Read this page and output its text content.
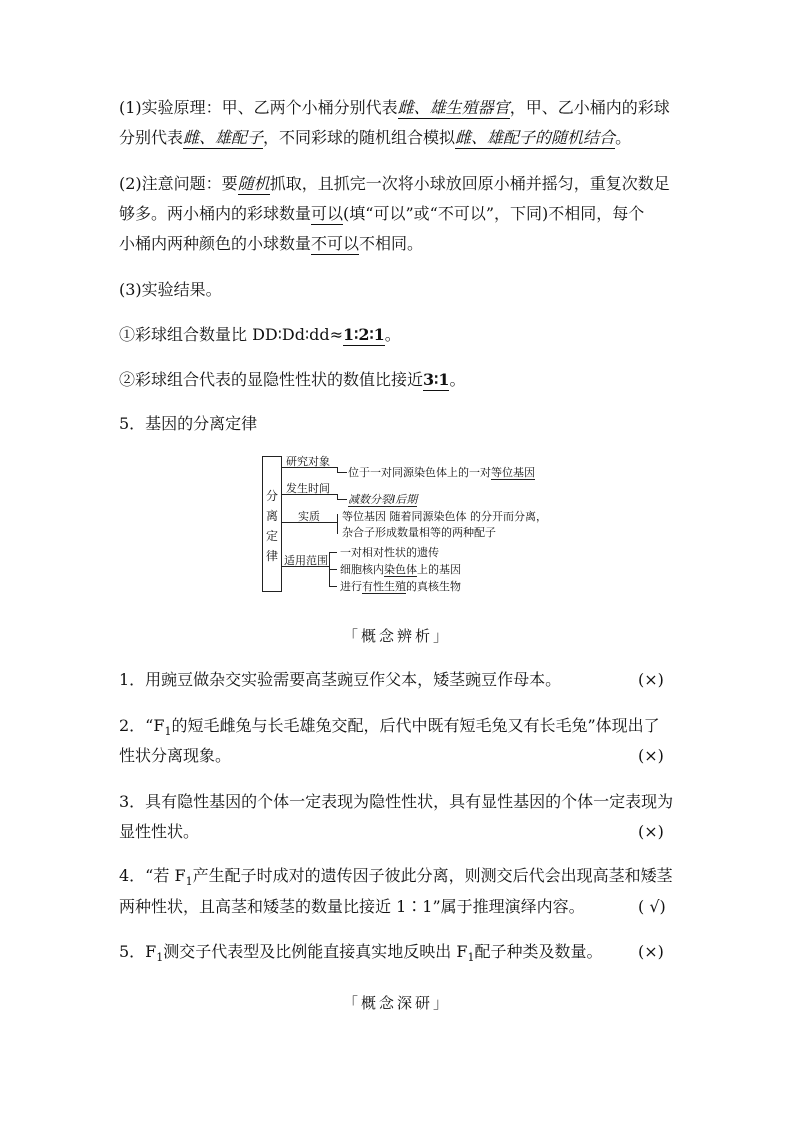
(1)实验原理：甲、乙两个小桶分别代表雌、雄生殖器官，甲、乙小桶内的彩球
分别代表雌、雄配子，不同彩球的随机组合模拟雌、雄配子的随机结合。
(2)注意问题：要随机抓取，且抓完一次将小球放回原小桶并摇匀，重复次数足
够多。两小桶内的彩球数量可以(填“可以”或“不可以”，下同)不相同，每个
小桶内两种颜色的小球数量不可以不相同。
(3)实验结果。
①彩球组合数量比 DD∶Dd∶dd≈1∶2∶1。
②彩球组合代表的显隐性性状的数值比接近3∶1。
5．基因的分离定律
分
离
定
律
研究对象
位于一对同源染色体上的一对等位基因
发生时间
减数分裂Ⅰ后期
实质 等位基因 随着同源染色体 的分开而分离，
杂合子形成数量相等的两种配子
适用范围
一对相对性状的遗传
细胞核内染色体上的基因
进行有性生殖的真核生物
「概念辨析」
1．用豌豆做杂交实验需要高茎豌豆作父本，矮茎豌豆作母本。	(×)
2．“$F_1$的短毛雌兔与长毛雄兔交配，后代中既有短毛兔又有长毛兔”体现出了
性状分离现象。	(×)
3．具有隐性基因的个体一定表现为隐性性状，具有显性基因的个体一定表现为
显性性状。	(×)
4．“若 $F_1$产生配子时成对的遗传因子彼此分离，则测交后代会出现高茎和矮茎
两种性状，且高茎和矮茎的数量比接近 1∶1”属于推理演绎内容。	( √)
5．$F_1$测交子代表型及比例能直接真实地反映出 $F_1$配子种类及数量。 (×)
「概念深研」
